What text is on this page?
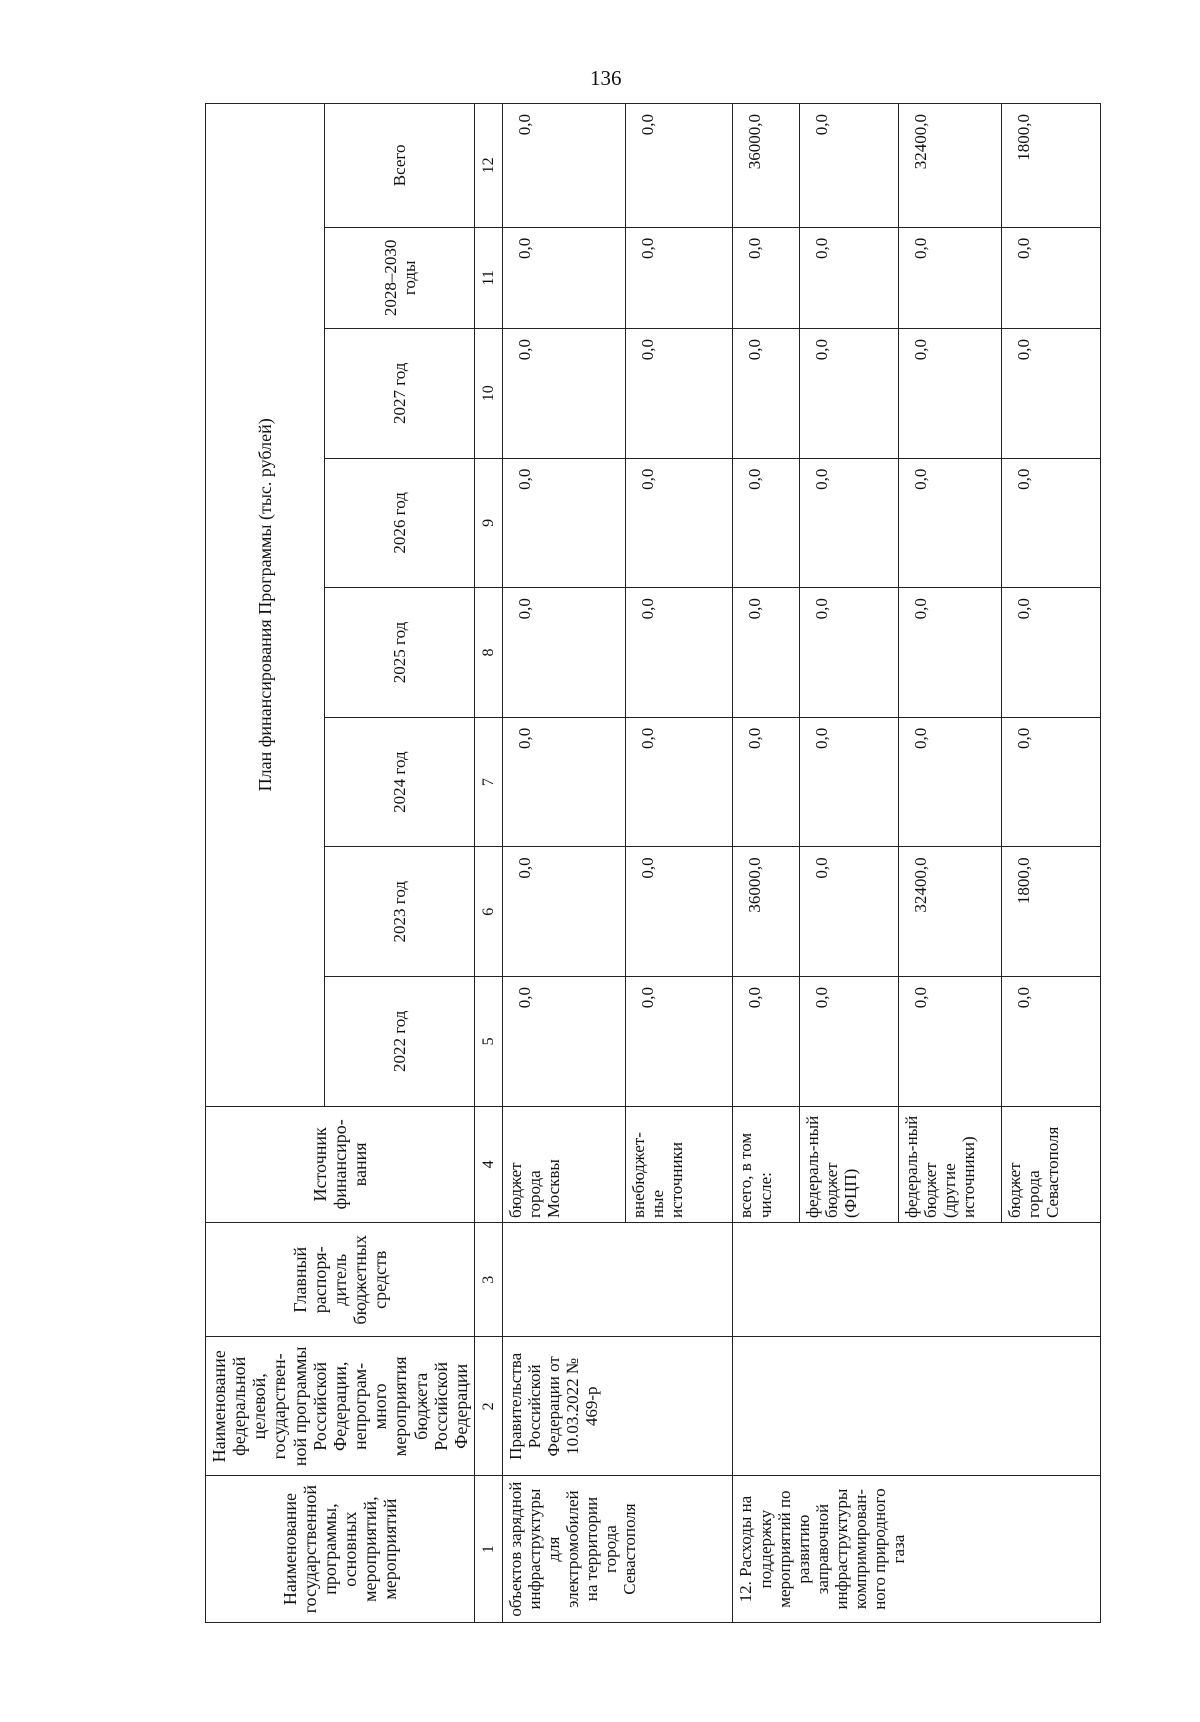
136
Наименование государственной программы, основных мероприятий, мероприятий	Наименование федеральной целевой, государствен-ной программы Российской Федерации, непрограм-много мероприятия бюджета Российской Федерации	Главный распоря-дитель бюджетных средств	Источник финансиро-вания	План финансирования Программы (тыс. рублей)							
				2022 год	2023 год	2024 год	2025 год	2026 год	2027 год	2028–2030 годы	Всего
1	2	3	4	5	6	7	8	9	10	11	12
объектов зарядной инфраструктуры для электромобилей на территории города Севастополя	Правительства Российской Федерации от 10.03.2022 № 469-р		бюджет города Москвы	0,0	0,0	0,0	0,0	0,0	0,0	0,0	0,0
			внебюджет-ные источники	0,0	0,0	0,0	0,0	0,0	0,0	0,0	0,0
12. Расходы на поддержку мероприятий по развитию заправочной инфраструктуры компримирован-ного природного газа			всего, в том числе:	0,0	36000,0	0,0	0,0	0,0	0,0	0,0	36000,0
			федераль-ный бюджет (ФЦП)	0,0	0,0	0,0	0,0	0,0	0,0	0,0	0,0
			федераль-ный бюджет (другие источники)	0,0	32400,0	0,0	0,0	0,0	0,0	0,0	32400,0
			бюджет города Севастополя	0,0	1800,0	0,0	0,0	0,0	0,0	0,0	1800,0
